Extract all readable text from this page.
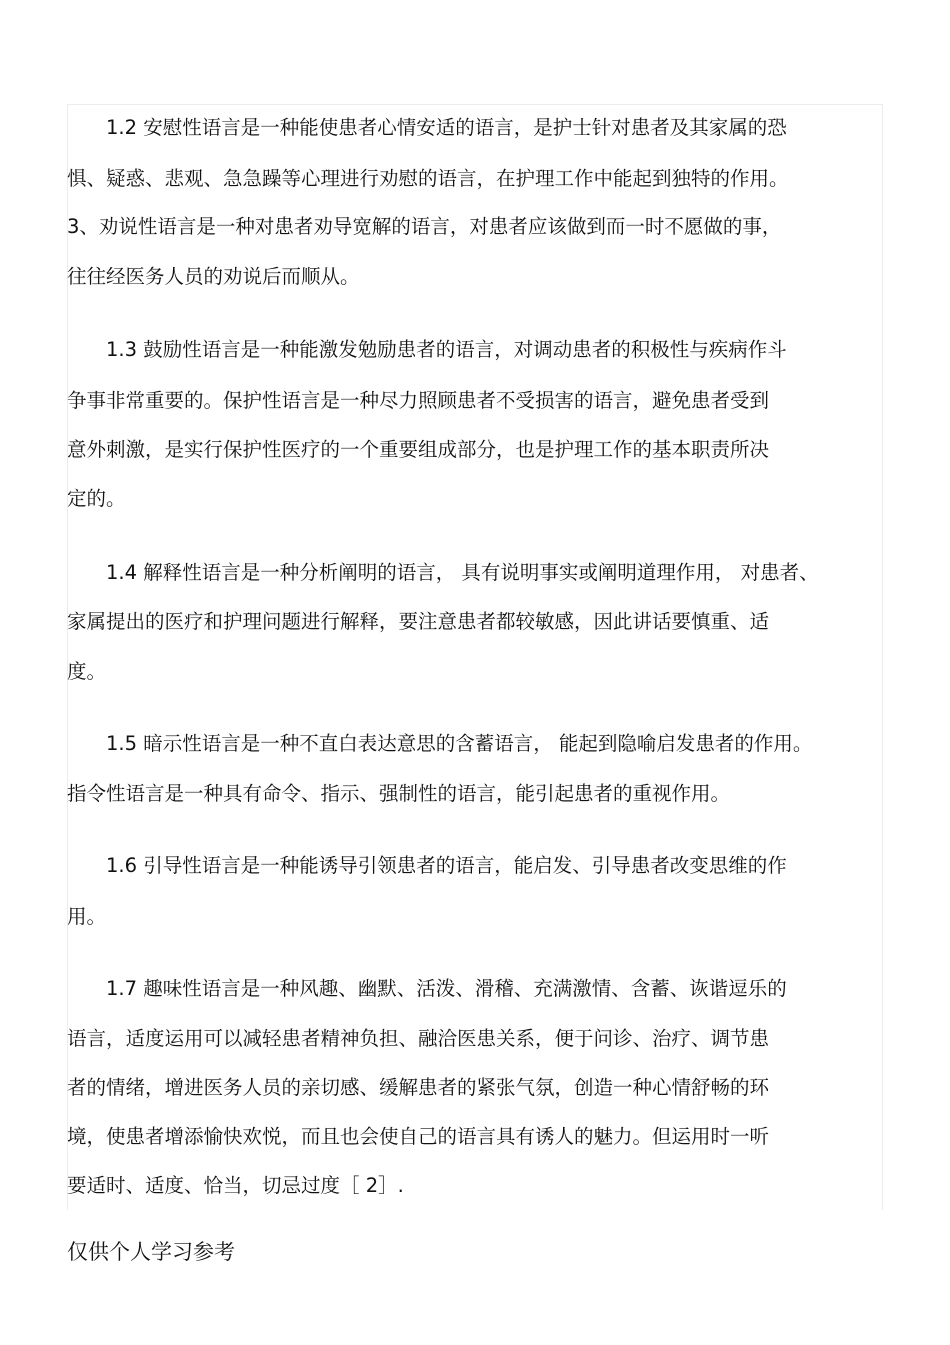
1.2 安慰性语言是一种能使患者心情安适的语言，是护士针对患者及其家属的恐

惧、疑惑、悲观、急急躁等心理进行劝慰的语言，在护理工作中能起到独特的作用。

3、劝说性语言是一种对患者劝导宽解的语言，对患者应该做到而一时不愿做的事，

往往经医务人员的劝说后而顺从。

1.3 鼓励性语言是一种能激发勉励患者的语言，对调动患者的积极性与疾病作斗

争事非常重要的。保护性语言是一种尽力照顾患者不受损害的语言，避免患者受到

意外刺激，是实行保护性医疗的一个重要组成部分，也是护理工作的基本职责所决

定的。

1.4 解释性语言是一种分析阐明的语言， 具有说明事实或阐明道理作用， 对患者、

家属提出的医疗和护理问题进行解释，要注意患者都较敏感，因此讲话要慎重、适

度。

1.5 暗示性语言是一种不直白表达意思的含蓄语言， 能起到隐喻启发患者的作用。

指令性语言是一种具有命令、指示、强制性的语言，能引起患者的重视作用。

1.6 引导性语言是一种能诱导引领患者的语言，能启发、引导患者改变思维的作

用。

1.7 趣味性语言是一种风趣、幽默、活泼、滑稽、充满激情、含蓄、诙谐逗乐的

语言，适度运用可以减轻患者精神负担、融洽医患关系，便于问诊、治疗、调节患

者的情绪，增进医务人员的亲切感、缓解患者的紧张气氛，创造一种心情舒畅的环

境，使患者增添愉快欢悦，而且也会使自己的语言具有诱人的魅力。但运用时一听

要适时、适度、恰当，切忌过度［ 2］.

仅供个人学习参考
